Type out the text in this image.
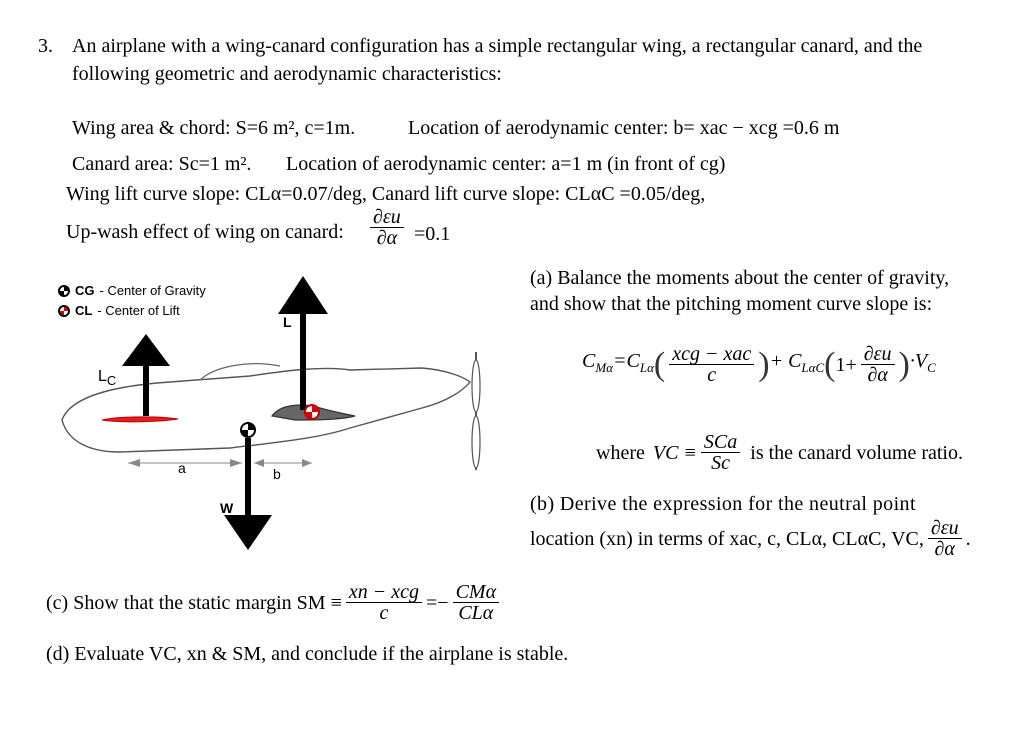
3. An airplane with a wing-canard configuration has a simple rectangular wing, a rectangular canard, and the
following geometric and aerodynamic characteristics:
Wing area & chord: S=6 m², c=1m.	Location of aerodynamic center: b= xac − xcg =0.6 m
Canard area: Sc=1 m². Location of aerodynamic center: a=1 m (in front of cg)
Wing lift curve slope: CLα=0.07/deg, Canard lift curve slope: CLαC =0.05/deg,
Up-wash effect of wing on canard: $\frac{\partial\varepsilon u}{\partial\alpha} =0.1$
CG - Center of Gravity
CL - Center of Lift
L
$L_C$
a	b
W
(a) Balance the moments about the center of gravity,
and show that the pitching moment curve slope is:
$C_{M\alpha} =C_{L\alpha}$ ( $\frac{\text{xcg − xac}}{c}$ ) + $C_{L\alpha C}$ ( $1+ \frac{\partial\varepsilon u}{\partial\alpha}$ ) $\cdot V_C$
where VC ≡ $\frac{\text{SCa}}{Sc}$ is the canard volume ratio.
(b) Derive the expression for the neutral point
location (xn) in terms of xac, c, CLα, CLαC, VC, $\frac{\partial\varepsilon u}{\partial\alpha}$ .
(c) Show that the static margin SM ≡ $\frac{\text{xn − xcg}}{c} =- \frac{\text{CMα}}{\text{CLα}}$
(d) Evaluate VC, xn & SM, and conclude if the airplane is stable.
